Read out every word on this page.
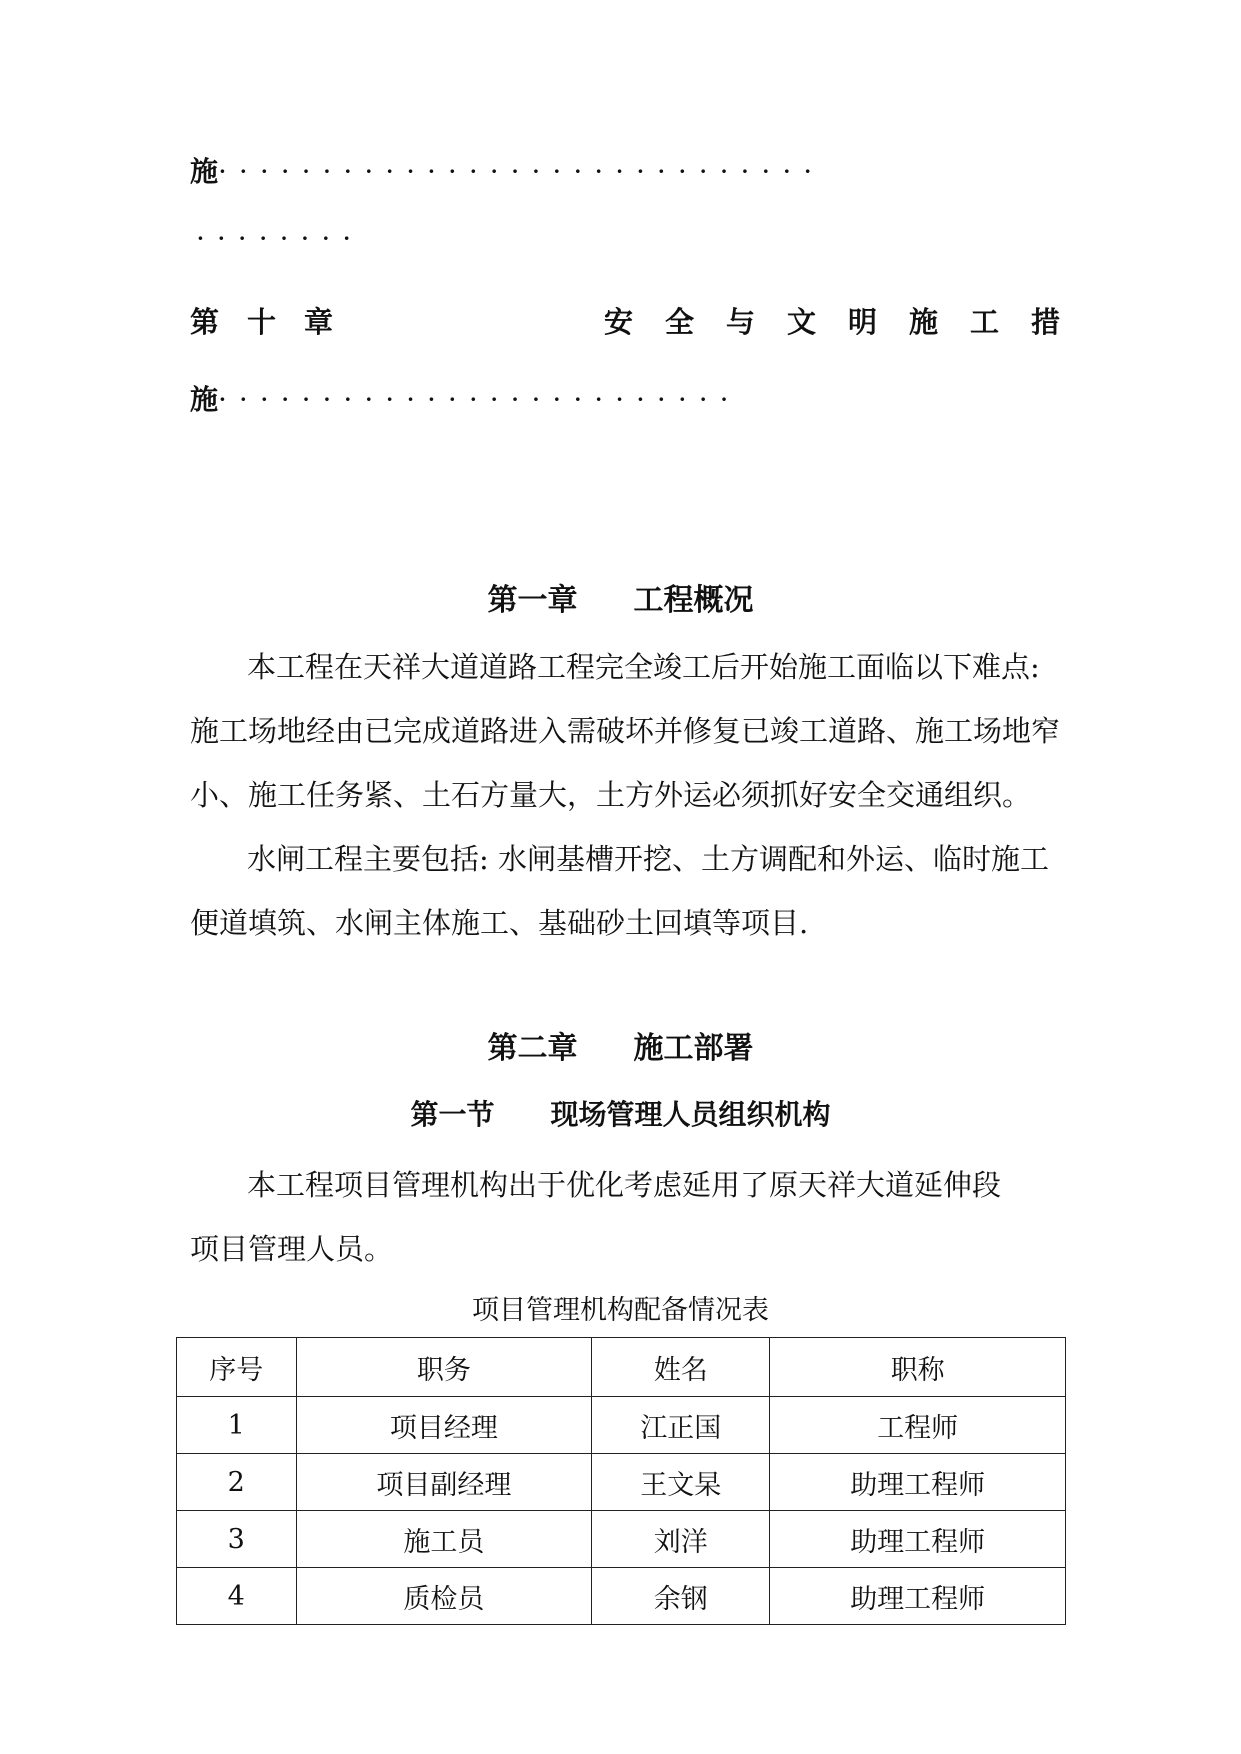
施·····························
········
第十章	安全与文明施工措
施·························
第一章 工程概况
本工程在天祥大道道路工程完全竣工后开始施工面临以下难点:
施工场地经由已完成道路进入需破坏并修复已竣工道路、施工场地窄
小、施工任务紧、土石方量大，土方外运必须抓好安全交通组织。
水闸工程主要包括: 水闸基槽开挖、土方调配和外运、临时施工
便道填筑、水闸主体施工、基础砂土回填等项目.
第二章 施工部署
第一节 现场管理人员组织机构
本工程项目管理机构出于优化考虑延用了原天祥大道延伸段
项目管理人员。
项目管理机构配备情况表
序号	职务	姓名	职称
1	项目经理	江正国	工程师
2	项目副经理	王文杲	助理工程师
3	施工员	刘洋	助理工程师
4	质检员	余钢	助理工程师
